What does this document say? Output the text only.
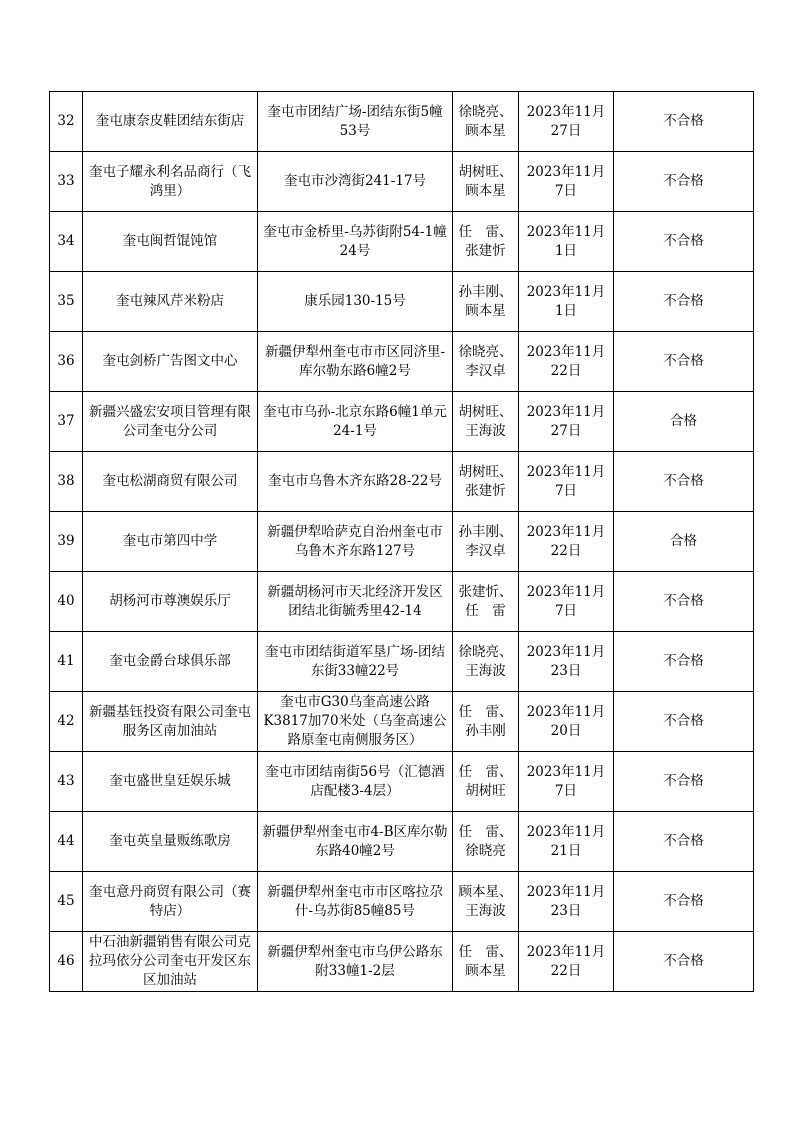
32	奎屯康奈皮鞋团结东街店	奎屯市团结广场-团结东街5幢53号	徐晓亮、顾本星	2023年11月27日	不合格
33	奎屯子耀永利名品商行（飞鸿里）	奎屯市沙湾街241-17号	胡树旺、顾本星	2023年11月7日	不合格
34	奎屯闽哲馄饨馆	奎屯市金桥里-乌苏街附54-1幢24号	任　雷、张建忻	2023年11月1日	不合格
35	奎屯辣风芹米粉店	康乐园130-15号	孙丰刚、顾本星	2023年11月1日	不合格
36	奎屯剑桥广告图文中心	新疆伊犁州奎屯市市区同济里-库尔勒东路6幢2号	徐晓亮、李汉卓	2023年11月22日	不合格
37	新疆兴盛宏安项目管理有限公司奎屯分公司	奎屯市乌孙-北京东路6幢1单元24-1号	胡树旺、王海波	2023年11月27日	合格
38	奎屯松湖商贸有限公司	奎屯市乌鲁木齐东路28-22号	胡树旺、张建忻	2023年11月7日	不合格
39	奎屯市第四中学	新疆伊犁哈萨克自治州奎屯市乌鲁木齐东路127号	孙丰刚、李汉卓	2023年11月22日	合格
40	胡杨河市尊澳娱乐厅	新疆胡杨河市天北经济开发区团结北街毓秀里42-14	张建忻、任　雷	2023年11月7日	不合格
41	奎屯金爵台球俱乐部	奎屯市团结街道军垦广场-团结东街33幢22号	徐晓亮、王海波	2023年11月23日	不合格
42	新疆基钰投资有限公司奎屯服务区南加油站	奎屯市G30乌奎高速公路K3817加70米处（乌奎高速公路原奎屯南侧服务区）	任　雷、孙丰刚	2023年11月20日	不合格
43	奎屯盛世皇廷娱乐城	奎屯市团结南街56号（汇德酒店配楼3-4层）	任　雷、胡树旺	2023年11月7日	不合格
44	奎屯英皇量贩练歌房	新疆伊犁州奎屯市4-B区库尔勒东路40幢2号	任　雷、徐晓亮	2023年11月21日	不合格
45	奎屯意丹商贸有限公司（赛特店）	新疆伊犁州奎屯市市区喀拉尕什-乌苏街85幢85号	顾本星、王海波	2023年11月23日	不合格
46	中石油新疆销售有限公司克拉玛依分公司奎屯开发区东区加油站	新疆伊犁州奎屯市乌伊公路东附33幢1-2层	任　雷、顾本星	2023年11月22日	不合格
